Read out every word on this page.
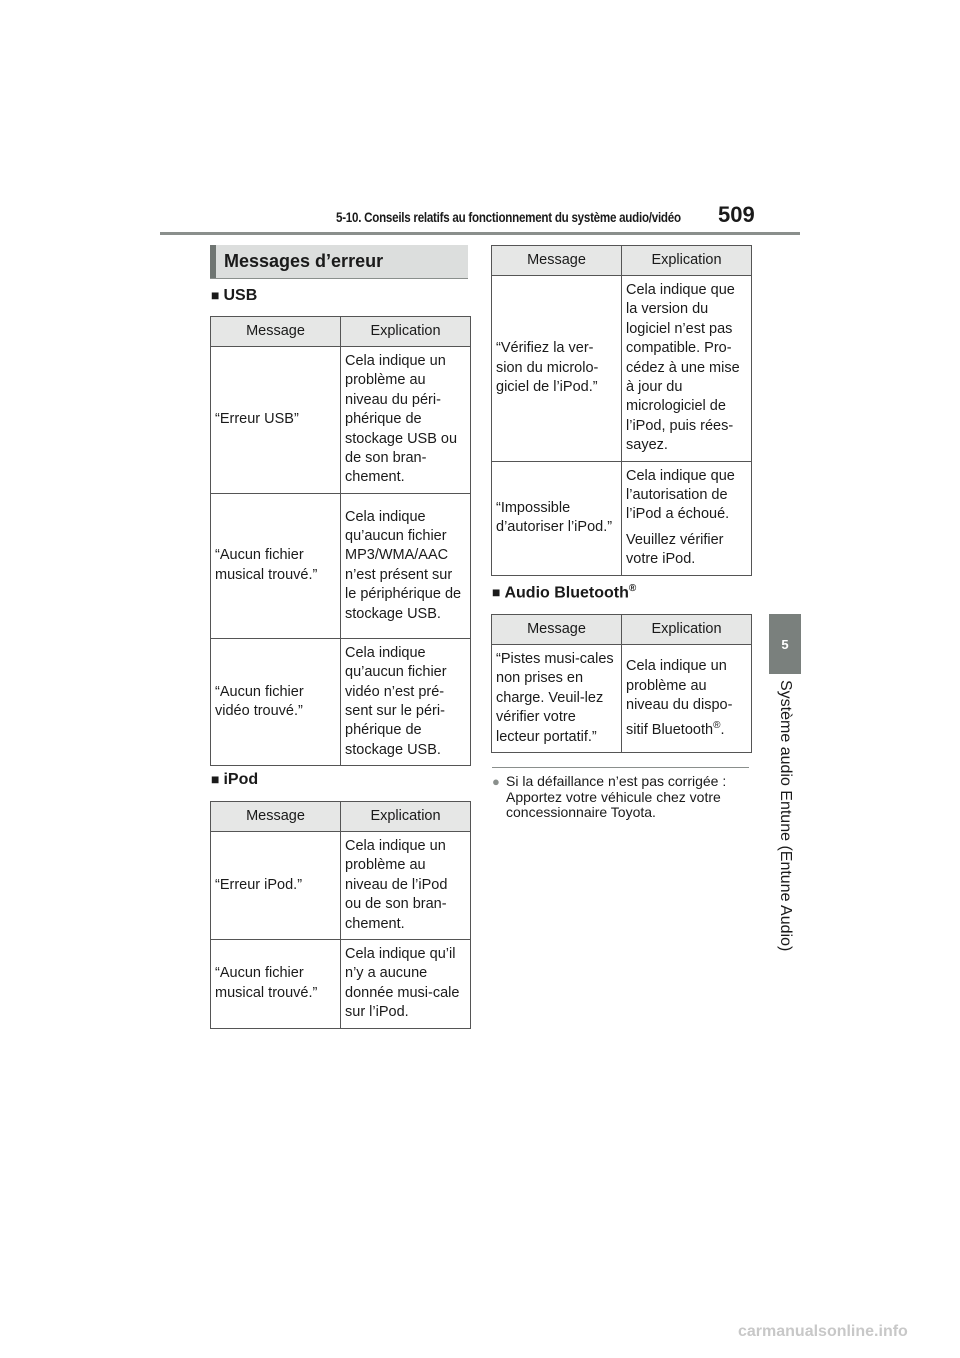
5-10. Conseils relatifs au fonctionnement du système audio/vidéo 509
5
Système audio Entune (Entune Audio)
Messages d’erreur
■ USB
Message	Explication
“Erreur USB”	Cela indique un problème au niveau du péri-phérique de stockage USB ou de son bran-chement.
“Aucun fichier musical trouvé.”	Cela indique qu’aucun fichier MP3/WMA/AAC n’est présent sur le périphérique de stockage USB.
“Aucun fichier vidéo trouvé.”	Cela indique qu’aucun fichier vidéo n’est pré-sent sur le péri-phérique de stockage USB.
■ iPod
Message	Explication
“Erreur iPod.”	Cela indique un problème au niveau de l’iPod ou de son bran-chement.
“Aucun fichier musical trouvé.”	Cela indique qu’il n’y a aucune donnée musi-cale sur l’iPod.
Message	Explication
“Vérifiez la ver-sion du microlo-giciel de l’iPod.”	Cela indique que la version du logiciel n’est pas compatible. Pro-cédez à une mise à jour du micrologiciel de l’iPod, puis rées-sayez.
“Impossible d’autoriser l’iPod.”	Cela indique que l’autorisation de l’iPod a échoué.

Veuillez vérifier votre iPod.

■ Audio Bluetooth®
Message	Explication
“Pistes musi-cales non prises en charge. Veuil-lez vérifier votre lecteur portatif.”	Cela indique un problème au niveau du dispo-sitif Bluetooth®.
● Si la défaillance n’est pas corrigée : Apportez votre véhicule chez votre concessionnaire Toyota.
carmanualsonline.info
